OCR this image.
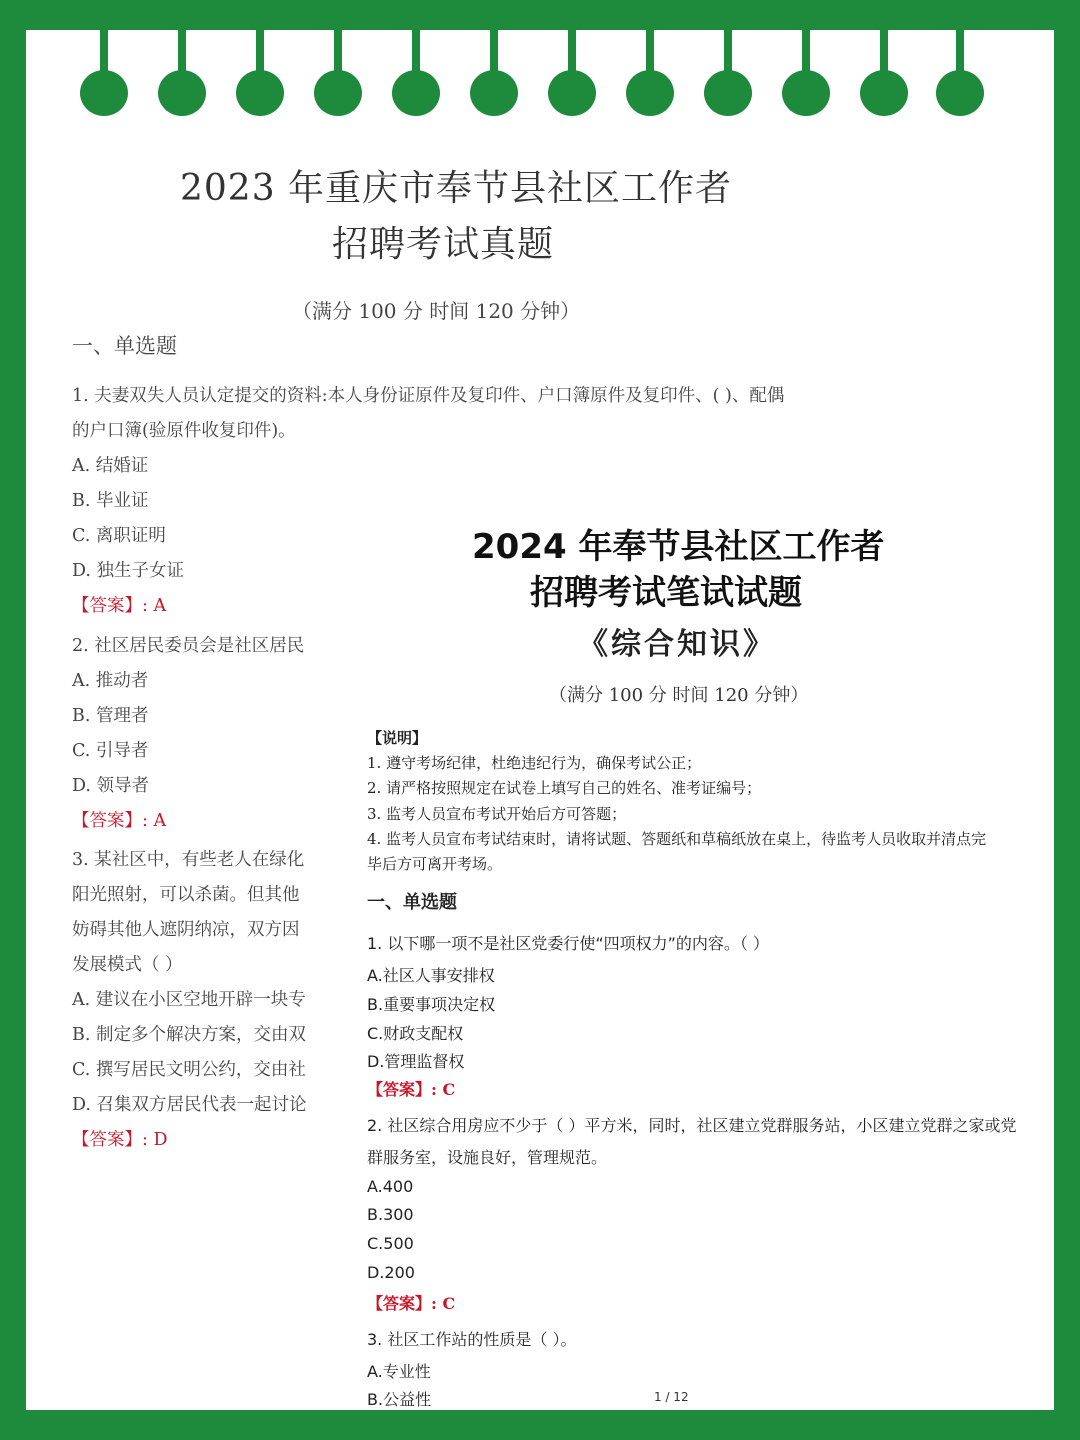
2023 年重庆市奉节县社区工作者
招聘考试真题
（满分 100 分 时间 120 分钟）
一、单选题
1. 夫妻双失人员认定提交的资料:本人身份证原件及复印件、户口簿原件及复印件、( )、配偶
的户口簿(验原件收复印件)。
A. 结婚证
B. 毕业证
C. 离职证明
D. 独生子女证
【答案】: A
2. 社区居民委员会是社区居民
A. 推动者
B. 管理者
C. 引导者
D. 领导者
【答案】: A
3. 某社区中，有些老人在绿化
阳光照射，可以杀菌。但其他
妨碍其他人遮阴纳凉，双方因
发展模式（ ）
A. 建议在小区空地开辟一块专
B. 制定多个解决方案，交由双
C. 撰写居民文明公约，交由社
D. 召集双方居民代表一起讨论
【答案】: D
2024 年奉节县社区工作者
招聘考试笔试试题
《综合知识》
（满分 100 分 时间 120 分钟）
【说明】
1. 遵守考场纪律，杜绝违纪行为，确保考试公正；
2. 请严格按照规定在试卷上填写自己的姓名、准考证编号；
3. 监考人员宣布考试开始后方可答题；
4. 监考人员宣布考试结束时，请将试题、答题纸和草稿纸放在桌上，待监考人员收取并清点完
毕后方可离开考场。
一、单选题
1. 以下哪一项不是社区党委行使“四项权力”的内容。（ ）
A.社区人事安排权
B.重要事项决定权
C.财政支配权
D.管理监督权
【答案】: C
2. 社区综合用房应不少于（ ）平方米，同时，社区建立党群服务站，小区建立党群之家或党
群服务室，设施良好，管理规范。
A.400
B.300
C.500
D.200
【答案】: C
3. 社区工作站的性质是（ ）。
A.专业性
B.公益性	1 / 12
